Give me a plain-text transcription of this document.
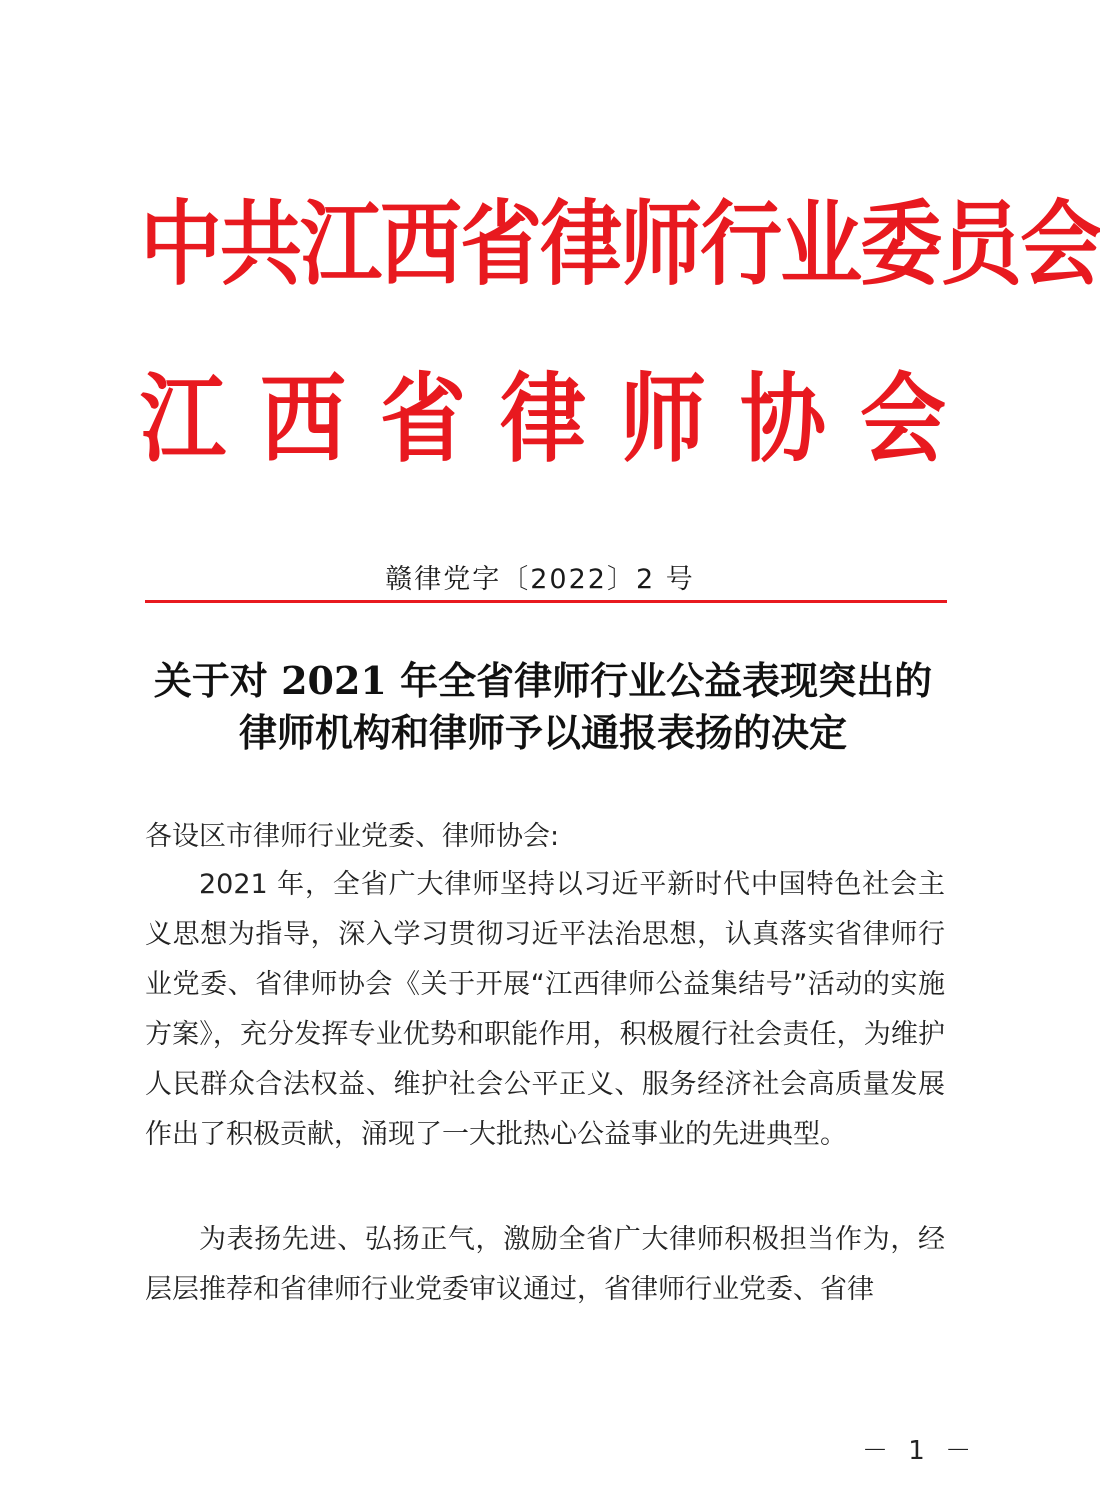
中 共 江 西 省 律 师 行 业 委 员 会
江 西 省 律 师 协 会
赣律党字〔2022〕2 号
关于对 2021 年全省律师行业公益表现突出的
律师机构和律师予以通报表扬的决定
各设区市律师行业党委、律师协会:
2021 年，全省广大律师坚持以习近平新时代中国特色社会主义思想为指导，深入学习贯彻习近平法治思想，认真落实省律师行业党委、省律师协会《关于开展“江西律师公益集结号”活动的实施方案》，充分发挥专业优势和职能作用，积极履行社会责任，为维护人民群众合法权益、维护社会公平正义、服务经济社会高质量发展作出了积极贡献，涌现了一大批热心公益事业的先进典型。
为表扬先进、弘扬正气，激励全省广大律师积极担当作为，经层层推荐和省律师行业党委审议通过，省律师行业党委、省律
－ 1 －
